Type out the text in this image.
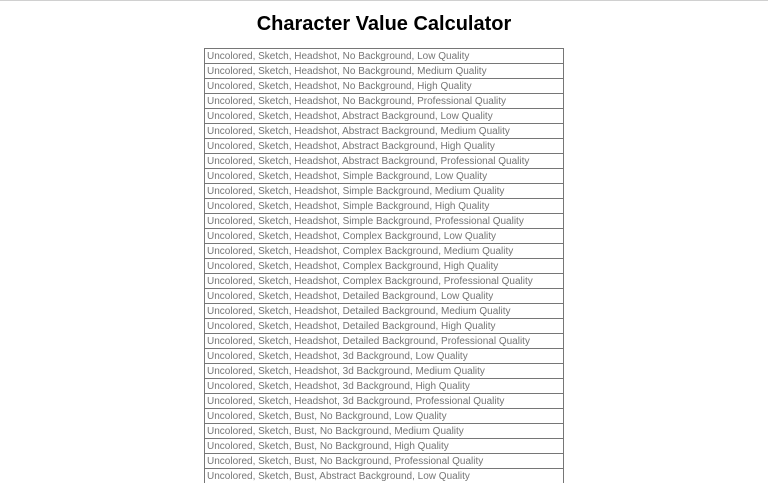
Character Value Calculator
Uncolored, Sketch, Headshot, No Background, Low Quality
Uncolored, Sketch, Headshot, No Background, Medium Quality
Uncolored, Sketch, Headshot, No Background, High Quality
Uncolored, Sketch, Headshot, No Background, Professional Quality
Uncolored, Sketch, Headshot, Abstract Background, Low Quality
Uncolored, Sketch, Headshot, Abstract Background, Medium Quality
Uncolored, Sketch, Headshot, Abstract Background, High Quality
Uncolored, Sketch, Headshot, Abstract Background, Professional Quality
Uncolored, Sketch, Headshot, Simple Background, Low Quality
Uncolored, Sketch, Headshot, Simple Background, Medium Quality
Uncolored, Sketch, Headshot, Simple Background, High Quality
Uncolored, Sketch, Headshot, Simple Background, Professional Quality
Uncolored, Sketch, Headshot, Complex Background, Low Quality
Uncolored, Sketch, Headshot, Complex Background, Medium Quality
Uncolored, Sketch, Headshot, Complex Background, High Quality
Uncolored, Sketch, Headshot, Complex Background, Professional Quality
Uncolored, Sketch, Headshot, Detailed Background, Low Quality
Uncolored, Sketch, Headshot, Detailed Background, Medium Quality
Uncolored, Sketch, Headshot, Detailed Background, High Quality
Uncolored, Sketch, Headshot, Detailed Background, Professional Quality
Uncolored, Sketch, Headshot, 3d Background, Low Quality
Uncolored, Sketch, Headshot, 3d Background, Medium Quality
Uncolored, Sketch, Headshot, 3d Background, High Quality
Uncolored, Sketch, Headshot, 3d Background, Professional Quality
Uncolored, Sketch, Bust, No Background, Low Quality
Uncolored, Sketch, Bust, No Background, Medium Quality
Uncolored, Sketch, Bust, No Background, High Quality
Uncolored, Sketch, Bust, No Background, Professional Quality
Uncolored, Sketch, Bust, Abstract Background, Low Quality
